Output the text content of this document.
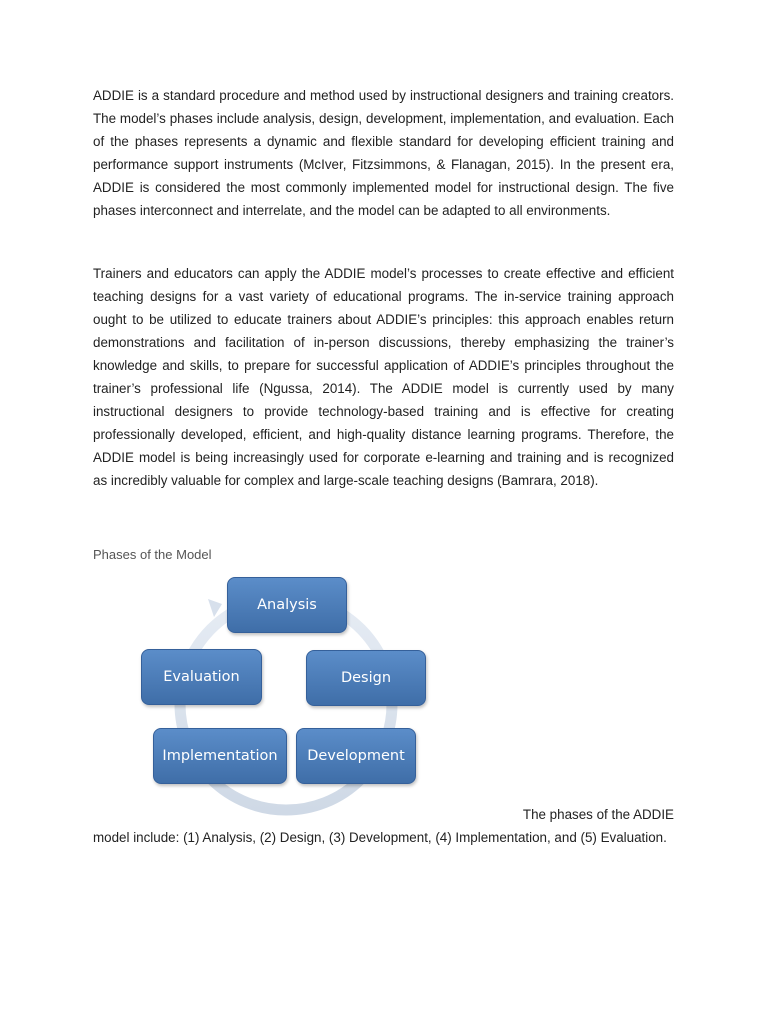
ADDIE is a standard procedure and method used by instructional designers and training creators. The model’s phases include analysis, design, development, implementation, and evaluation. Each of the phases represents a dynamic and flexible standard for developing efficient training and performance support instruments (McIver, Fitzsimmons, & Flanagan, 2015). In the present era, ADDIE is considered the most commonly implemented model for instructional design. The five phases interconnect and interrelate, and the model can be adapted to all environments.

Trainers and educators can apply the ADDIE model’s processes to create effective and efficient teaching designs for a vast variety of educational programs. The in-service training approach ought to be utilized to educate trainers about ADDIE’s principles: this approach enables return demonstrations and facilitation of in-person discussions, thereby emphasizing the trainer’s knowledge and skills, to prepare for successful application of ADDIE’s principles throughout the trainer’s professional life (Ngussa, 2014). The ADDIE model is currently used by many instructional designers to provide technology-based training and is effective for creating professionally developed, efficient, and high-quality distance learning programs. Therefore, the ADDIE model is being increasingly used for corporate e-learning and training and is recognized as incredibly valuable for complex and large-scale teaching designs (Bamrara, 2018).

Phases of the Model
Analysis
Design
Development
Implementation
Evaluation

The phases of the ADDIE
model include: (1) Analysis, (2) Design, (3) Development, (4) Implementation, and (5) Evaluation.
